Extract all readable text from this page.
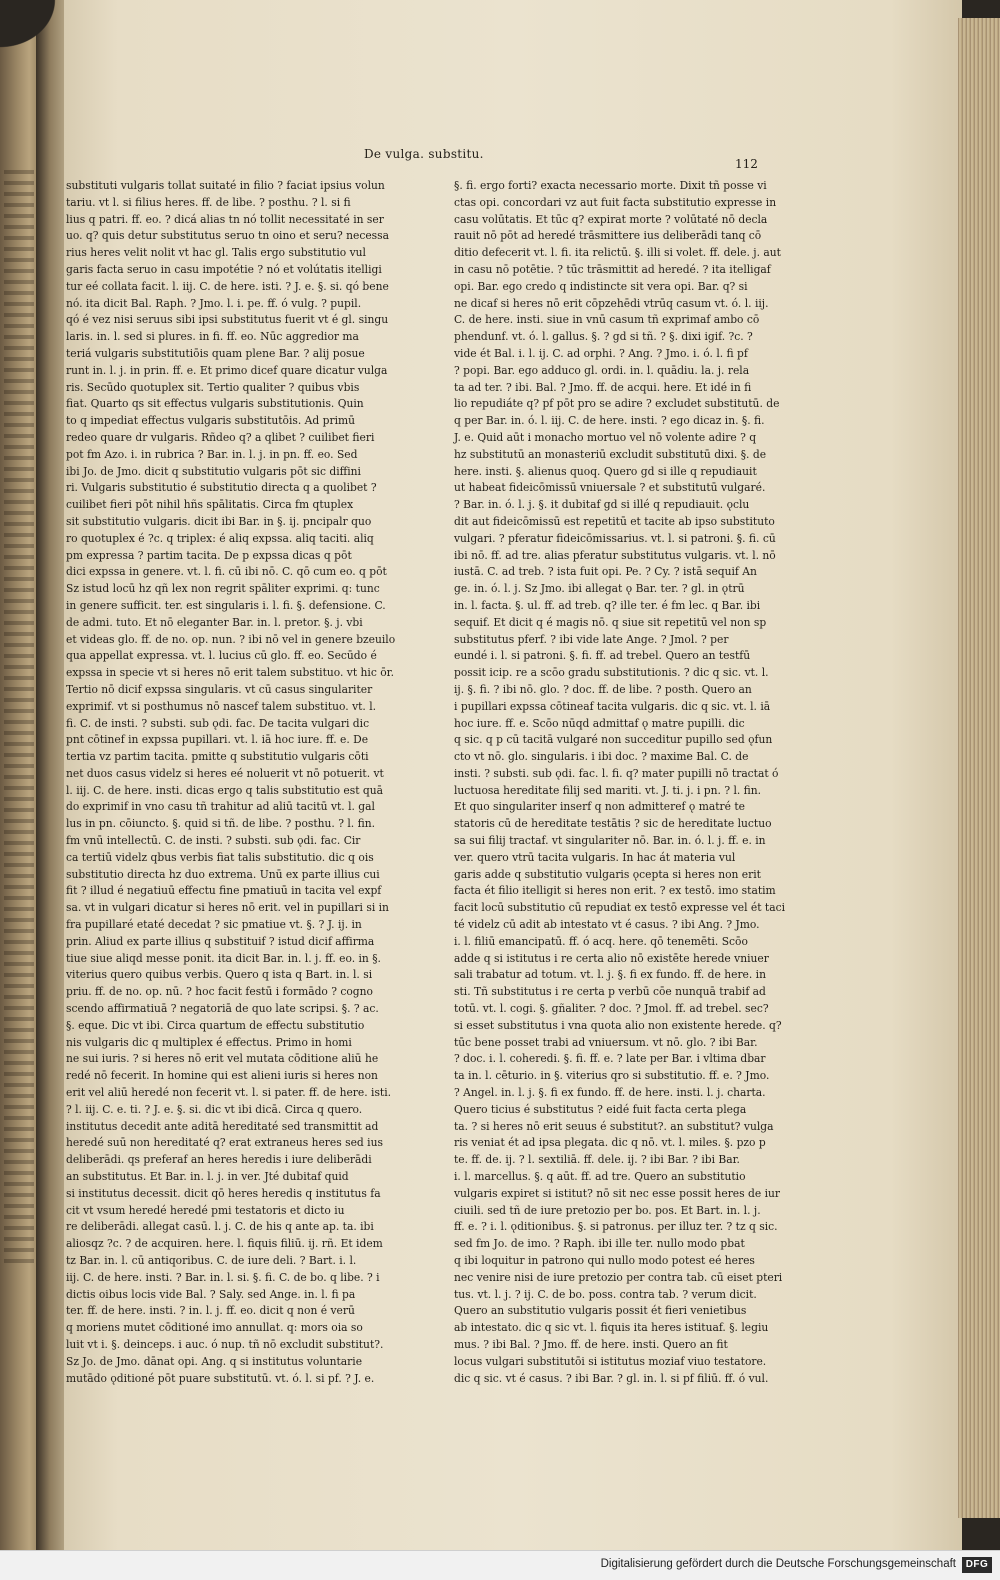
De vulga. substitu.
112
substituti vulgaris tollat suitaté in filio ? faciat ipsius volun
tariu. vt l. si filius heres. ff. de libe. ? posthu. ? l. si fi
lius q patri. ff. eo. ? dicá alias tn nó tollit necessitaté in ser
uo. q? quis detur substitutus seruo tn oino et seru? necessa
rius heres velit nolit vt hac gl. Talis ergo substitutio vul
garis facta seruo in casu impotétie ? nó et volútatis itelligi
tur eé collata facit. l. iij. C. de here. isti. ? J. e. §. si. qó bene
nó. ita dicit Bal. Raph. ? Jmo. l. i. pe. ff. ó vulg. ? pupil.
qó é vez nisi seruus sibi ipsi substitutus fuerit vt é gl. singu
laris. in. l. sed si plures. in fi. ff. eo. Nūc aggredior ma
teriá vulgaris substitutiōis quam plene Bar. ? alij posue
runt in. l. j. in prin. ff. e. Et primo dicef quare dicatur vulga
ris. Secūdo quotuplex sit. Tertio qualiter ? quibus vbis
fiat. Quarto qs sit effectus vulgaris substitutionis. Quin
to q impediat effectus vulgaris substitutōis. Ad primū
redeo quare dr vulgaris. Rñdeo q? a qlibet ? cuilibet fieri
pot fm Azo. i. in rubrica ? Bar. in. l. j. in pn. ff. eo. Sed
ibi Jo. de Jmo. dicit q substitutio vulgaris pōt sic diffini
ri. Vulgaris substitutio é substitutio directa q a quolibet ?
cuilibet fieri pōt nihil hñs spālitatis. Circa fm qtuplex
sit substitutio vulgaris. dicit ibi Bar. in §. ij. pncipalr quo
ro quotuplex é ?c. q triplex: é aliq expssa. aliq taciti. aliq
pm expressa ? partim tacita. De p expssa dicas q pōt
dici expssa in genere. vt. l. fi. cū ibi nō. C. qō cum eo. q pōt
Sz istud locū hz qñ lex non regrit spāliter exprimi. q: tunc
in genere sufficit. ter. est singularis i. l. fi. §. defensione. C.
de admi. tuto. Et nō eleganter Bar. in. l. pretor. §. j. vbi
et videas glo. ff. de no. op. nun. ? ibi nō vel in genere bzeuilo
qua appellat expressa. vt. l. lucius cū glo. ff. eo. Secūdo é
expssa in specie vt si heres nō erit talem substituo. vt hic ōr.
Tertio nō dicif expssa singularis. vt cū casus singulariter
exprimif. vt si posthumus nō nascef talem substituo. vt. l.
fi. C. de insti. ? substi. sub ǫdi. fac. De tacita vulgari dic
pnt cōtinef in expssa pupillari. vt. l. iā hoc iure. ff. e. De
tertia vz partim tacita. pmitte q substitutio vulgaris cōti
net duos casus videlz si heres eé noluerit vt nō potuerit. vt
l. iij. C. de here. insti. dicas ergo q talis substitutio est quā
do exprimif in vno casu tñ trahitur ad aliū tacitū vt. l. gal
lus in pn. cōiuncto. §. quid si tñ. de libe. ? posthu. ? l. fin.
fm vnū intellectū. C. de insti. ? substi. sub ǫdi. fac. Cir
ca tertiū videlz qbus verbis fiat talis substitutio. dic q ois
substitutio directa hz duo extrema. Unū ex parte illius cui
fit ? illud é negatiuū effectu fine pmatiuū in tacita vel expf
sa. vt in vulgari dicatur si heres nō erit. vel in pupillari si in
fra pupillaré etaté decedat ? sic pmatiue vt. §. ? J. ij. in
prin. Aliud ex parte illius q substituif ? istud dicif affirma
tiue siue aliqd messe ponit. ita dicit Bar. in. l. j. ff. eo. in §.
viterius quero quibus verbis. Quero q ista q Bart. in. l. si
priu. ff. de no. op. nū. ? hoc facit festū i formādo ? cogno
scendo affirmatiuā ? negatoriā de quo late scripsi. §. ? ac.
§. eque. Dic vt ibi. Circa quartum de effectu substitutio
nis vulgaris dic q multiplex é effectus. Primo in homi
ne sui iuris. ? si heres nō erit vel mutata cōditione aliū he
redé nō fecerit. In homine qui est alieni iuris si heres non
erit vel aliū heredé non fecerit vt. l. si pater. ff. de here. isti.
? l. iij. C. e. ti. ? J. e. §. si. dic vt ibi dicā. Circa q quero.
institutus decedit ante aditā hereditaté sed transmittit ad
heredé suū non hereditaté q? erat extraneus heres sed ius
deliberādi. qs preferaf an heres heredis i iure deliberādi
an substitutus. Et Bar. in. l. j. in ver. Jté dubitaf quid
si institutus decessit. dicit qō heres heredis q institutus fa
cit vt vsum heredé heredé pmi testatoris et dicto iu
re deliberādi. allegat casū. l. j. C. de his q ante ap. ta. ibi
aliosqz ?c. ? de acquiren. here. l. fiquis filiū. ij. rñ. Et idem
tz Bar. in. l. cū antiqoribus. C. de iure deli. ? Bart. i. l.
iij. C. de here. insti. ? Bar. in. l. si. §. fi. C. de bo. q libe. ? i
dictis oibus locis vide Bal. ? Saly. sed Ange. in. l. fi pa
ter. ff. de here. insti. ? in. l. j. ff. eo. dicit q non é verū
q moriens mutet cōditioné imo annullat. q: mors oia so
luit vt i. §. deinceps. i auc. ó nup. tñ nō excludit substitut?.
Sz Jo. de Jmo. dānat opi. Ang. q si institutus voluntarie
mutādo ǫditioné pōt puare substitutū. vt. ó. l. si pf. ? J. e.
§. fi. ergo forti? exacta necessario morte. Dixit tñ posse vi
ctas opi. concordari vz aut fuit facta substitutio expresse in
casu volūtatis. Et tūc q? expirat morte ? volūtaté nō decla
rauit nō pōt ad heredé trāsmittere ius deliberādi tanq cō
ditio defecerit vt. l. fi. ita relictū. §. illi si volet. ff. dele. j. aut
in casu nō potētie. ? tūc trāsmittit ad heredé. ? ita itelligaf
opi. Bar. ego credo q indistincte sit vera opi. Bar. q? si
ne dicaf si heres nō erit cōpzehēdi vtrūq casum vt. ó. l. iij.
C. de here. insti. siue in vnū casum tñ exprimaf ambo cō
phendunf. vt. ó. l. gallus. §. ? gd si tñ. ? §. dixi igif. ?c. ?
vide ét Bal. i. l. ij. C. ad orphi. ? Ang. ? Jmo. i. ó. l. fi pf
? popi. Bar. ego adduco gl. ordi. in. l. quādiu. la. j. rela
ta ad ter. ? ibi. Bal. ? Jmo. ff. de acqui. here. Et idé in fi
lio repudiáte q? pf pōt pro se adire ? excludet substitutū. de
q per Bar. in. ó. l. iij. C. de here. insti. ? ego dicaz in. §. fi.
J. e. Quid aūt i monacho mortuo vel nō volente adire ? q
hz substitutū an monasteriū excludit substitutū dixi. §. de
here. insti. §. alienus quoq. Quero gd si ille q repudiauit
ut habeat fideicōmissū vniuersale ? et substitutū vulgaré.
? Bar. in. ó. l. j. §. it dubitaf gd si illé q repudiauit. ǫclu
dit aut fideicōmissū est repetitū et tacite ab ipso substituto
vulgari. ? pferatur fideicōmissarius. vt. l. si patroni. §. fi. cū
ibi nō. ff. ad tre. alias pferatur substitutus vulgaris. vt. l. nō
iustā. C. ad treb. ? ista fuit opi. Pe. ? Cy. ? istā sequif An
ge. in. ó. l. j. Sz Jmo. ibi allegat ǫ Bar. ter. ? gl. in ǫtrū
in. l. facta. §. ul. ff. ad treb. q? ille ter. é fm lec. q Bar. ibi
sequif. Et dicit q é magis nō. q siue sit repetitū vel non sp
substitutus pferf. ? ibi vide late Ange. ? Jmol. ? per
eundé i. l. si patroni. §. fi. ff. ad trebel. Quero an testfū
possit icip. re a scōo gradu substitutionis. ? dic q sic. vt. l.
ij. §. fi. ? ibi nō. glo. ? doc. ff. de libe. ? posth. Quero an
i pupillari expssa cōtineaf tacita vulgaris. dic q sic. vt. l. iā
hoc iure. ff. e. Scōo nūqd admittaf ǫ matre pupilli. dic
q sic. q p cū tacitā vulgaré non succeditur pupillo sed ǫfun
cto vt nō. glo. singularis. i ibi doc. ? maxime Bal. C. de
insti. ? substi. sub ǫdi. fac. l. fi. q? mater pupilli nō tractat ó
luctuosa hereditate filij sed mariti. vt. J. ti. j. i pn. ? l. fin.
Et quo singulariter inserf q non admitteref ǫ matré te
statoris cū de hereditate testātis ? sic de hereditate luctuo
sa sui filij tractaf. vt singulariter nō. Bar. in. ó. l. j. ff. e. in
ver. quero vtrū tacita vulgaris. In hac át materia vul
garis adde q substitutio vulgaris ǫcepta si heres non erit
facta ét filio itelligit si heres non erit. ? ex testō. imo statim
facit locū substitutio cū repudiat ex testō expresse vel ét taci
té videlz cū adit ab intestato vt é casus. ? ibi Ang. ? Jmo.
i. l. filiū emancipatū. ff. ó acq. here. qō tenemēti. Scōo
adde q si istitutus i re certa alio nō existēte herede vniuer
sali trabatur ad totum. vt. l. j. §. fi ex fundo. ff. de here. in
sti. Tñ substitutus i re certa p verbū cōe nunquā trabif ad
totū. vt. l. cogi. §. gñaliter. ? doc. ? Jmol. ff. ad trebel. sec?
si esset substitutus i vna quota alio non existente herede. q?
tūc bene posset trabi ad vniuersum. vt nō. glo. ? ibi Bar.
? doc. i. l. coheredi. §. fi. ff. e. ? late per Bar. i vltima dbar
ta in. l. cēturio. in §. viterius qro si substitutio. ff. e. ? Jmo.
? Angel. in. l. j. §. fi ex fundo. ff. de here. insti. l. j. charta.
Quero ticius é substitutus ? eidé fuit facta certa plega
ta. ? si heres nō erit seuus é substitut?. an substitut? vulga
ris veniat ét ad ipsa plegata. dic q nō. vt. l. miles. §. pzo p
te. ff. de. ij. ? l. sextiliā. ff. dele. ij. ? ibi Bar. ? ibi Bar.
i. l. marcellus. §. q aūt. ff. ad tre. Quero an substitutio
vulgaris expiret si istitut? nō sit nec esse possit heres de iur
ciuili. sed tñ de iure pretozio per bo. pos. Et Bart. in. l. j.
ff. e. ? i. l. ǫditionibus. §. si patronus. per illuz ter. ? tz q sic.
sed fm Jo. de imo. ? Raph. ibi ille ter. nullo modo pbat
q ibi loquitur in patrono qui nullo modo potest eé heres
nec venire nisi de iure pretozio per contra tab. cū eiset pteri
tus. vt. l. j. ? ij. C. de bo. poss. contra tab. ? verum dicit.
Quero an substitutio vulgaris possit ét fieri venietibus
ab intestato. dic q sic vt. l. fiquis ita heres istituaf. §. legiu
mus. ? ibi Bal. ? Jmo. ff. de here. insti. Quero an fit
locus vulgari substitutōi si istitutus moziaf viuo testatore.
dic q sic. vt é casus. ? ibi Bar. ? gl. in. l. si pf filiū. ff. ó vul.
Digitalisierung gefördert durch die Deutsche Forschungsgemeinschaft DFG
